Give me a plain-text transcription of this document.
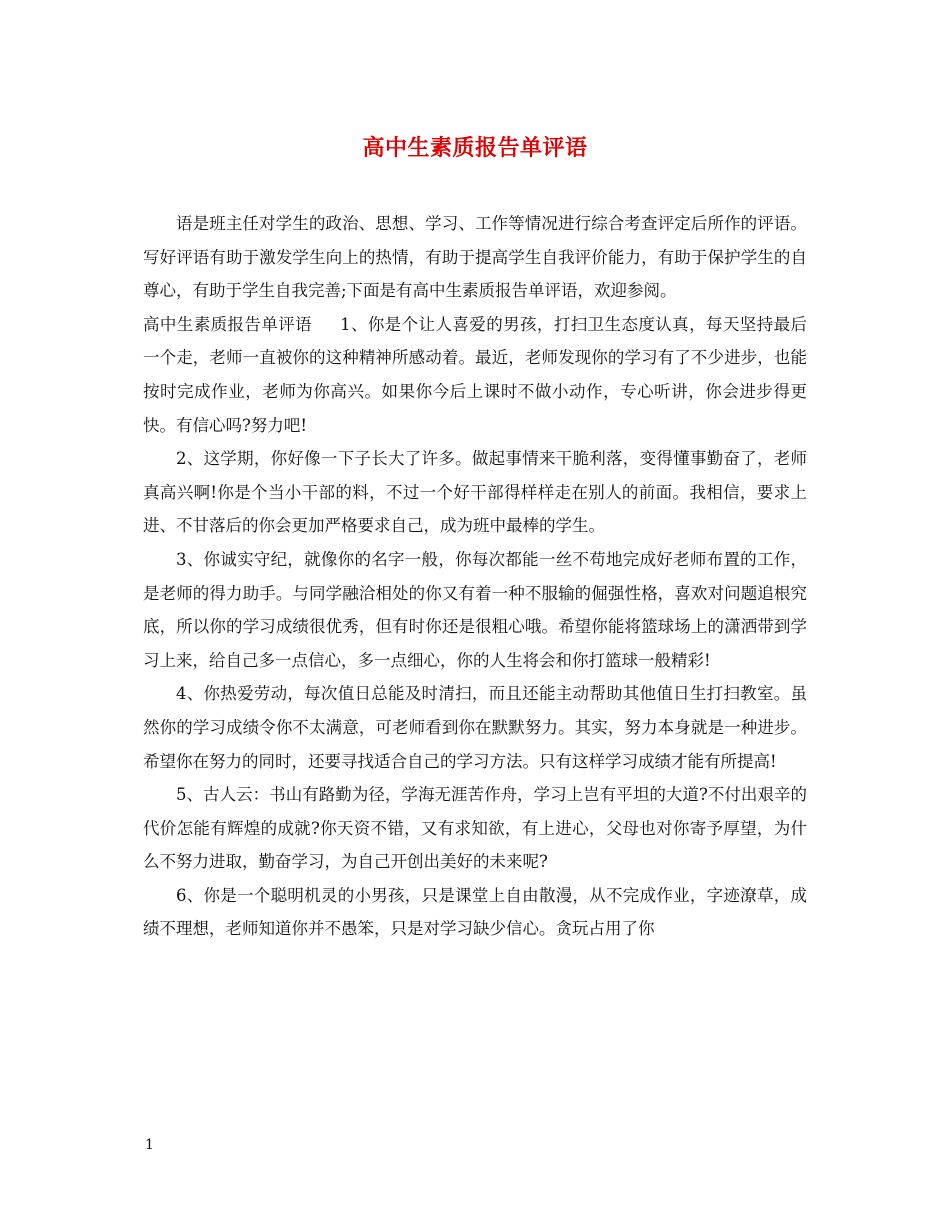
高中生素质报告单评语

语是班主任对学生的政治、思想、学习、工作等情况进行综合考查评定后所作的评语。写好评语有助于激发学生向上的热情，有助于提高学生自我评价能力，有助于保护学生的自尊心，有助于学生自我完善;下面是有高中生素质报告单评语，欢迎参阅。

高中生素质报告单评语 1、你是个让人喜爱的男孩，打扫卫生态度认真，每天坚持最后一个走，老师一直被你的这种精神所感动着。最近，老师发现你的学习有了不少进步，也能按时完成作业，老师为你高兴。如果你今后上课时不做小动作，专心听讲，你会进步得更快。有信心吗?努力吧!

2、这学期，你好像一下子长大了许多。做起事情来干脆利落，变得懂事勤奋了，老师真高兴啊!你是个当小干部的料，不过一个好干部得样样走在别人的前面。我相信，要求上进、不甘落后的你会更加严格要求自己，成为班中最棒的学生。

3、你诚实守纪，就像你的名字一般，你每次都能一丝不苟地完成好老师布置的工作，是老师的得力助手。与同学融洽相处的你又有着一种不服输的倔强性格，喜欢对问题追根究底，所以你的学习成绩很优秀，但有时你还是很粗心哦。希望你能将篮球场上的潇洒带到学习上来，给自己多一点信心，多一点细心，你的人生将会和你打篮球一般精彩!

4、你热爱劳动，每次值日总能及时清扫，而且还能主动帮助其他值日生打扫教室。虽然你的学习成绩令你不太满意，可老师看到你在默默努力。其实，努力本身就是一种进步。希望你在努力的同时，还要寻找适合自己的学习方法。只有这样学习成绩才能有所提高!

5、古人云：书山有路勤为径，学海无涯苦作舟，学习上岂有平坦的大道?不付出艰辛的代价怎能有辉煌的成就?你天资不错，又有求知欲，有上进心，父母也对你寄予厚望，为什么不努力进取，勤奋学习，为自己开创出美好的未来呢?

6、你是一个聪明机灵的小男孩，只是课堂上自由散漫，从不完成作业，字迹潦草，成绩不理想，老师知道你并不愚笨，只是对学习缺少信心。贪玩占用了你

1
